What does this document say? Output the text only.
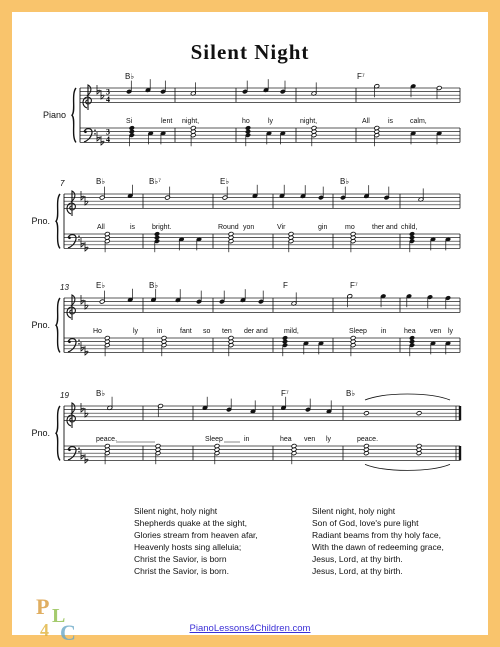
Silent Night
3
4
3
4
Piano
B♭	F⁷
Si	lent night,	ho	ly	night,	All	is calm,
Pno.
7	B♭	B♭⁷	E♭	B♭
All	is bright.	Round yon	Vir	gin	mo ther and child,
Pno.
13	E♭	B♭	F	F⁷
Ho	ly	in	fant so ten der and mild,	Sleep in	hea ven ly
Pno.
19	B♭	F⁷	B♭
peace.	Sleep	in	hea ven ly	peace.
Silent night, holy night
Shepherds quake at the sight,
Glories stream from heaven afar,
Heavenly hosts sing alleluia;
Christ the Savior, is born
Christ the Savior, is born.
Silent night, holy night
Son of God, love's pure light
Radiant beams from thy holy face,
With the dawn of redeeming grace,
Jesus, Lord, at thy birth.
Jesus, Lord, at thy birth.
P L
4 C	PianoLessons4Children.com
